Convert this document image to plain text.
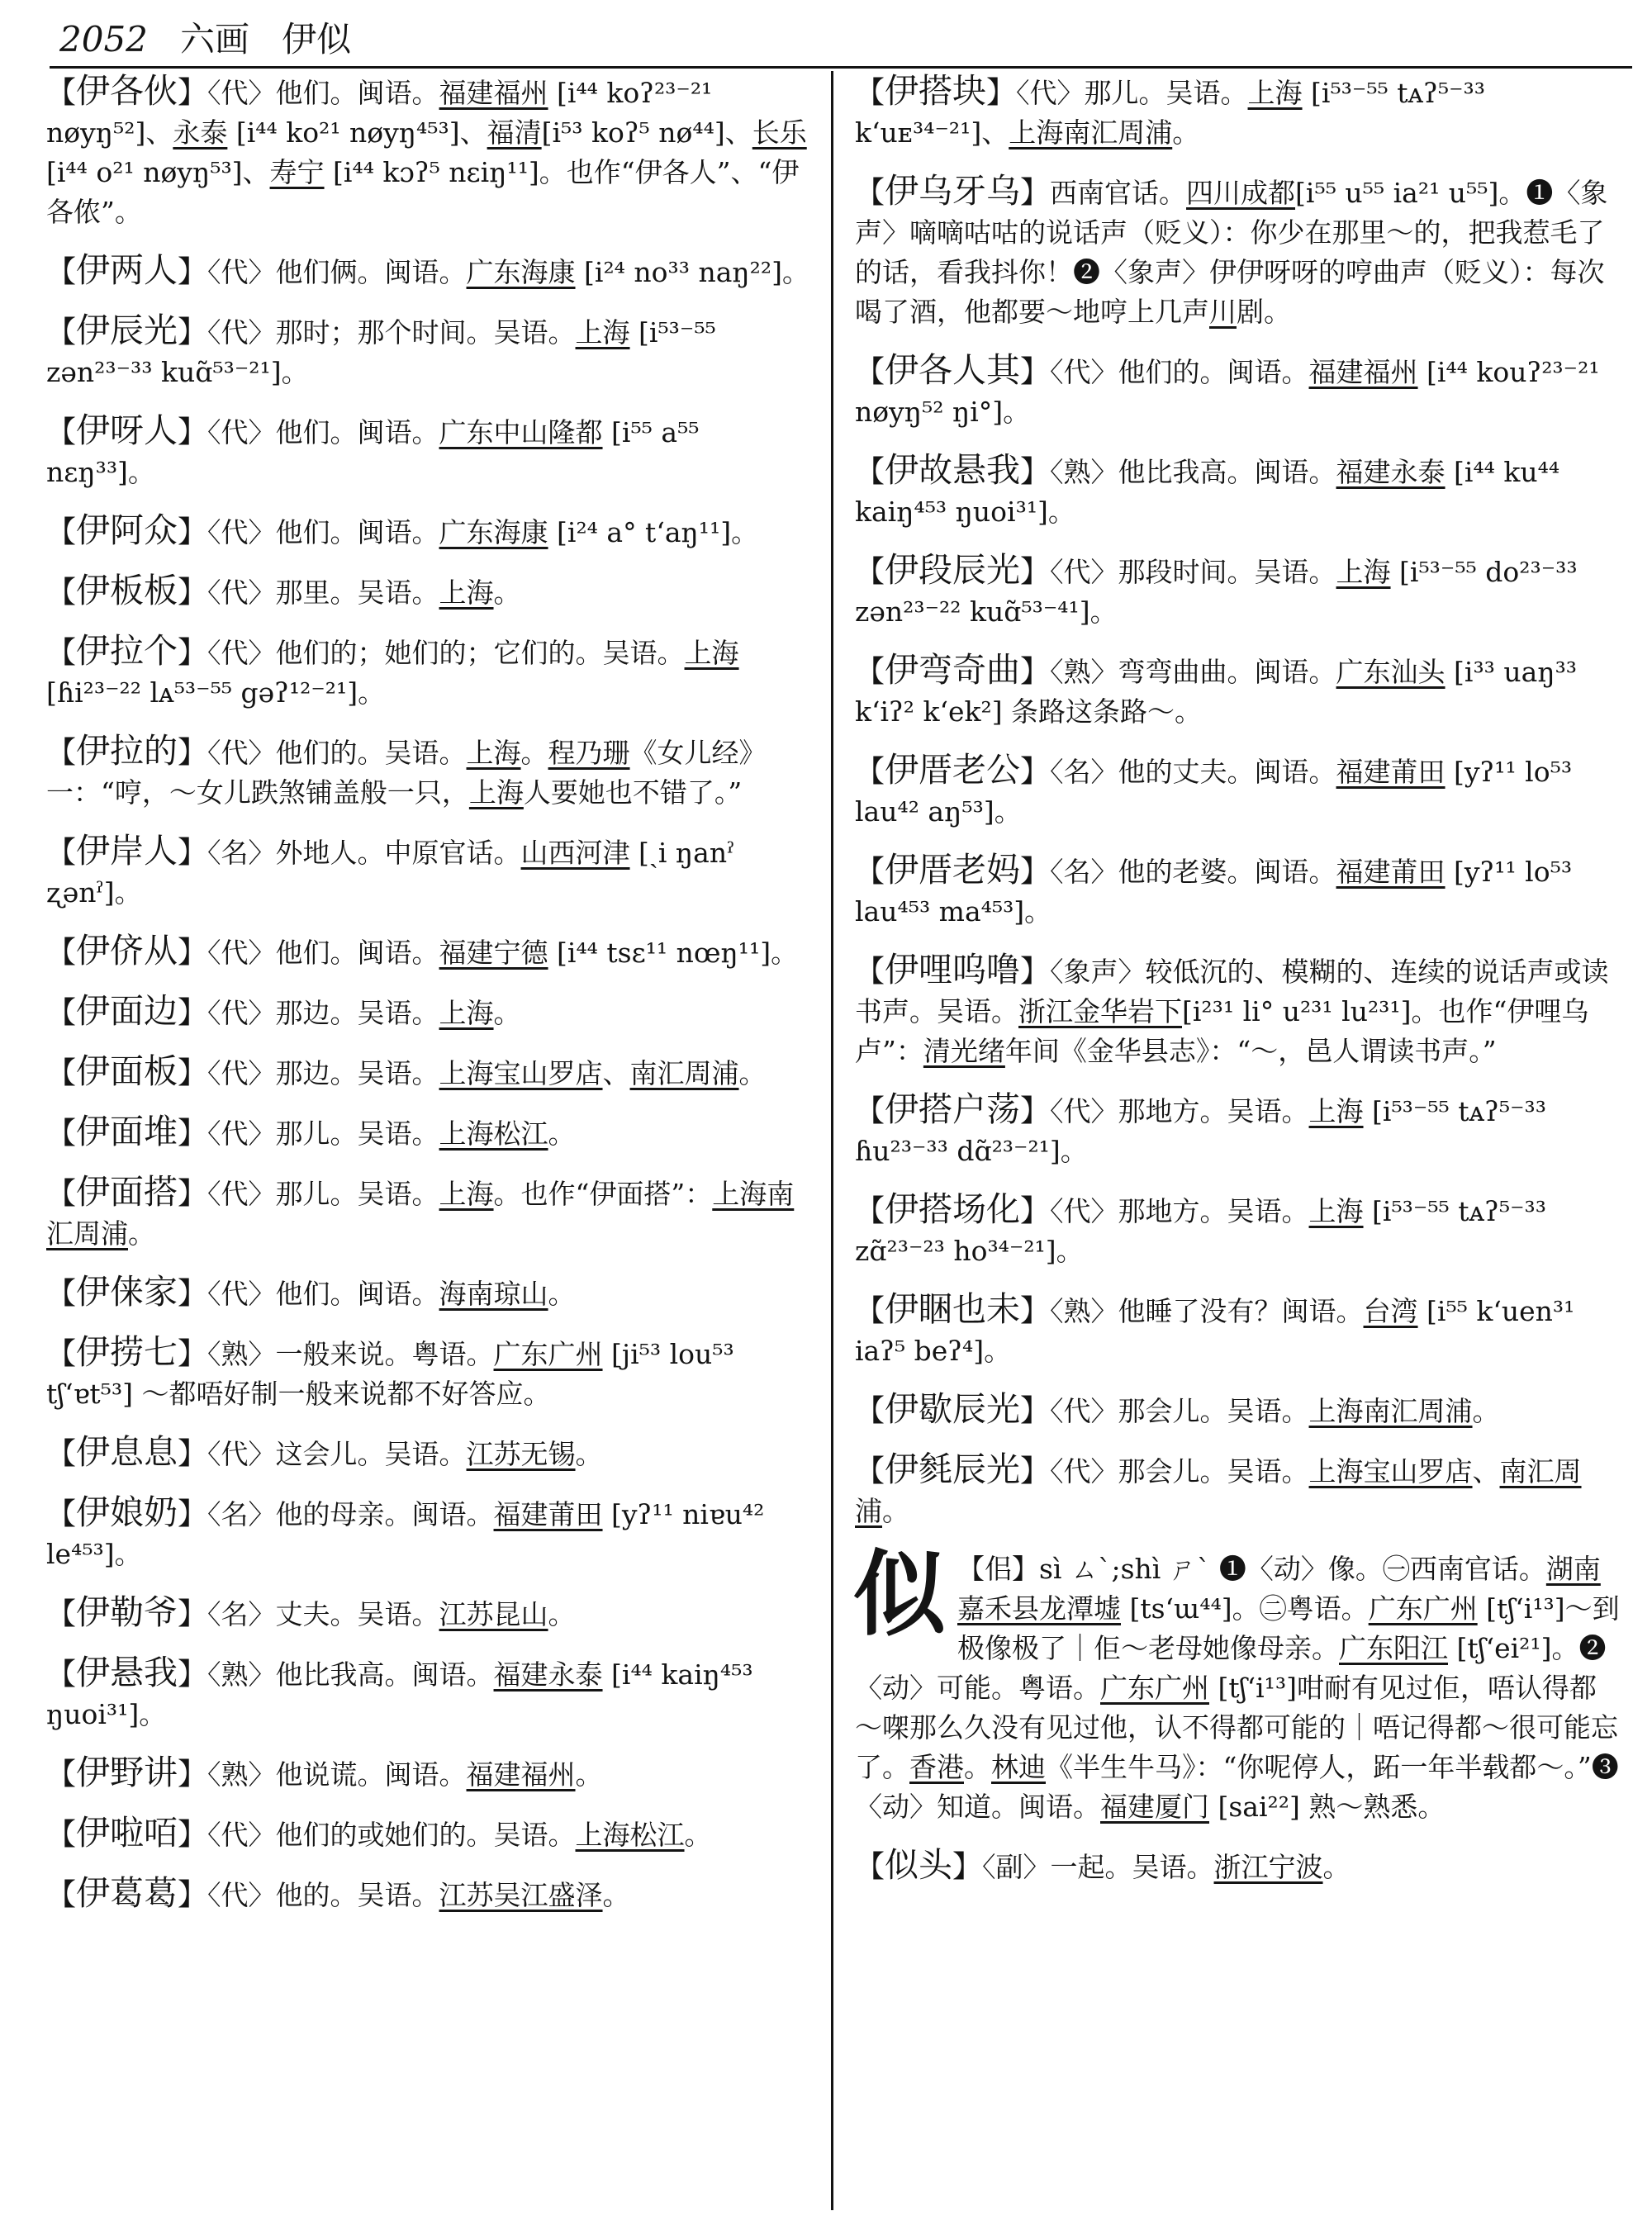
2052 六画 伊似

【伊各伙】〈代〉他们。闽语。福建福州 [i⁴⁴ koʔ²³⁻²¹ nøyŋ⁵²]、永泰 [i⁴⁴ ko²¹ nøyŋ⁴⁵³]、福清[i⁵³ koʔ⁵ nø⁴⁴]、长乐 [i⁴⁴ o²¹ nøyŋ⁵³]、寿宁 [i⁴⁴ kɔʔ⁵ nɛiŋ¹¹]。也作“伊各人”、“伊各侬”。

【伊两人】〈代〉他们俩。闽语。广东海康 [i²⁴ no³³ naŋ²²]。

【伊辰光】〈代〉那时；那个时间。吴语。上海 [i⁵³⁻⁵⁵ zən²³⁻³³ kuɑ̃⁵³⁻²¹]。

【伊呀人】〈代〉他们。闽语。广东中山隆都 [i⁵⁵ a⁵⁵ nɛŋ³³]。

【伊阿众】〈代〉他们。闽语。广东海康 [i²⁴ a° t‘aŋ¹¹]。

【伊板板】〈代〉那里。吴语。上海。

【伊拉个】〈代〉他们的；她们的；它们的。吴语。上海 [ɦi²³⁻²² lᴀ⁵³⁻⁵⁵ gəʔ¹²⁻²¹]。

【伊拉的】〈代〉他们的。吴语。上海。程乃珊《女儿经》一：“哼，～女儿跌煞铺盖般一只，上海人要她也不错了。”

【伊岸人】〈名〉外地人。中原官话。山西河津 [ˏi ŋanˀ ʐənˀ]。

【伊侪从】〈代〉他们。闽语。福建宁德 [i⁴⁴ tsɛ¹¹ nœŋ¹¹]。

【伊面边】〈代〉那边。吴语。上海。

【伊面板】〈代〉那边。吴语。上海宝山罗店、南汇周浦。

【伊面堆】〈代〉那儿。吴语。上海松江。

【伊面搭】〈代〉那儿。吴语。上海。也作“伊面搭”：上海南汇周浦。

【伊俫家】〈代〉他们。闽语。海南琼山。

【伊捞七】〈熟〉一般来说。粤语。广东广州 [ji⁵³ lou⁵³ tʃ‘ɐt⁵³] ～都唔好制一般来说都不好答应。

【伊息息】〈代〉这会儿。吴语。江苏无锡。

【伊娘奶】〈名〉他的母亲。闽语。福建莆田 [yʔ¹¹ niɐu⁴² le⁴⁵³]。

【伊勒爷】〈名〉丈夫。吴语。江苏昆山。

【伊悬我】〈熟〉他比我高。闽语。福建永泰 [i⁴⁴ kaiŋ⁴⁵³ ŋuoi³¹]。

【伊野讲】〈熟〉他说谎。闽语。福建福州。

【伊啦咟】〈代〉他们的或她们的。吴语。上海松江。

【伊葛葛】〈代〉他的。吴语。江苏吴江盛泽。

【伊搭块】〈代〉那儿。吴语。上海 [i⁵³⁻⁵⁵ tᴀʔ⁵⁻³³ k‘uᴇ³⁴⁻²¹]、上海南汇周浦。

【伊乌牙乌】西南官话。四川成都[i⁵⁵ u⁵⁵ ia²¹ u⁵⁵]。❶〈象声〉嘀嘀咕咕的说话声（贬义）：你少在那里～的，把我惹毛了的话，看我抖你！❷〈象声〉伊伊呀呀的哼曲声（贬义）：每次喝了酒，他都要～地哼上几声川剧。

【伊各人其】〈代〉他们的。闽语。福建福州 [i⁴⁴ kouʔ²³⁻²¹ nøyŋ⁵² ŋi°]。

【伊故悬我】〈熟〉他比我高。闽语。福建永泰 [i⁴⁴ ku⁴⁴ kaiŋ⁴⁵³ ŋuoi³¹]。

【伊段辰光】〈代〉那段时间。吴语。上海 [i⁵³⁻⁵⁵ do²³⁻³³ zən²³⁻²² kuɑ̃⁵³⁻⁴¹]。

【伊弯奇曲】〈熟〉弯弯曲曲。闽语。广东汕头 [i³³ uaŋ³³ k‘iʔ² k‘ek²] 条路这条路～。

【伊厝老公】〈名〉他的丈夫。闽语。福建莆田 [yʔ¹¹ lo⁵³ lau⁴² aŋ⁵³]。

【伊厝老妈】〈名〉他的老婆。闽语。福建莆田 [yʔ¹¹ lo⁵³ lau⁴⁵³ ma⁴⁵³]。

【伊哩呜噜】〈象声〉较低沉的、模糊的、连续的说话声或读书声。吴语。浙江金华岩下[i²³¹ li° u²³¹ lu²³¹]。也作“伊哩乌卢”：清光绪年间《金华县志》：“～，邑人谓读书声。”

【伊搭户荡】〈代〉那地方。吴语。上海 [i⁵³⁻⁵⁵ tᴀʔ⁵⁻³³ ɦu²³⁻³³ dɑ̃²³⁻²¹]。

【伊搭场化】〈代〉那地方。吴语。上海 [i⁵³⁻⁵⁵ tᴀʔ⁵⁻³³ zɑ̃²³⁻²³ ho³⁴⁻²¹]。

【伊睏也未】〈熟〉他睡了没有？闽语。台湾 [i⁵⁵ k‘uen³¹ iaʔ⁵ beʔ⁴]。

【伊歇辰光】〈代〉那会儿。吴语。上海南汇周浦。

【伊毵辰光】〈代〉那会儿。吴语。上海宝山罗店、南汇周浦。

似 【佀】sì ㄙˋ;shì ㄕˋ ❶〈动〉像。㊀西南官话。湖南嘉禾县龙潭墟 [ts‘ɯ⁴⁴]。㊁粤语。广东广州 [tʃ‘i¹³]～到极像极了｜佢～老母她像母亲。广东阳江 [tʃ‘ei²¹]。❷〈动〉可能。粤语。广东广州 [tʃ‘i¹³]咁耐有见过佢，唔认得都～㗎那么久没有见过他，认不得都可能的｜唔记得都～很可能忘了。香港。林迪《半生牛马》：“你呢停人，跖一年半载都～。”❸〈动〉知道。闽语。福建厦门 [sai²²] 熟～熟悉。

【似头】〈副〉一起。吴语。浙江宁波。
